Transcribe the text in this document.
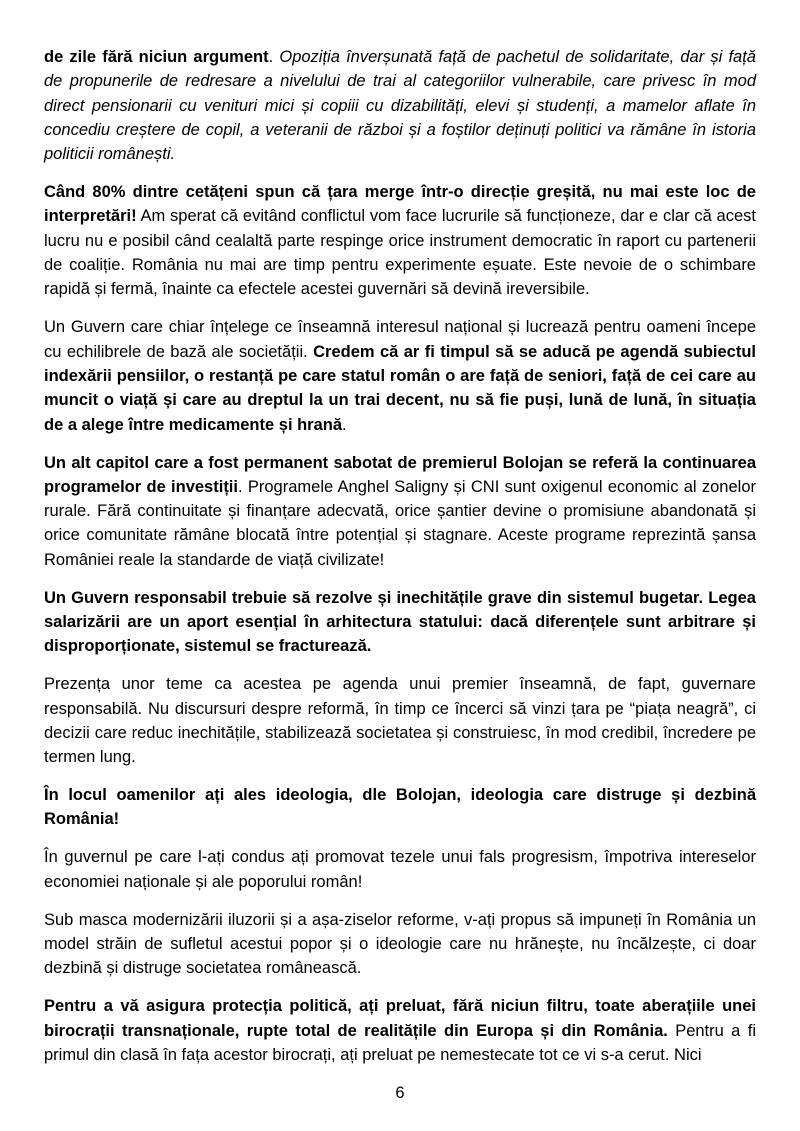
de zile fără niciun argument. Opoziția înverșunată față de pachetul de solidaritate, dar și față de propunerile de redresare a nivelului de trai al categoriilor vulnerabile, care privesc în mod direct pensionarii cu venituri mici și copiii cu dizabilități, elevi și studenți, a mamelor aflate în concediu creștere de copil, a veteranii de război și a foștilor deținuți politici va rămâne în istoria politicii românești.

Când 80% dintre cetățeni spun că țara merge într-o direcție greșită, nu mai este loc de interpretări! Am sperat că evitând conflictul vom face lucrurile să funcționeze, dar e clar că acest lucru nu e posibil când cealaltă parte respinge orice instrument democratic în raport cu partenerii de coaliție. România nu mai are timp pentru experimente eșuate. Este nevoie de o schimbare rapidă și fermă, înainte ca efectele acestei guvernări să devină ireversibile.

Un Guvern care chiar înțelege ce înseamnă interesul național și lucrează pentru oameni începe cu echilibrele de bază ale societății. Credem că ar fi timpul să se aducă pe agendă subiectul indexării pensiilor, o restanță pe care statul român o are față de seniori, față de cei care au muncit o viață și care au dreptul la un trai decent, nu să fie puși, lună de lună, în situația de a alege între medicamente și hrană.

Un alt capitol care a fost permanent sabotat de premierul Bolojan se referă la continuarea programelor de investiții. Programele Anghel Saligny și CNI sunt oxigenul economic al zonelor rurale. Fără continuitate și finanțare adecvată, orice șantier devine o promisiune abandonată și orice comunitate rămâne blocată între potențial și stagnare. Aceste programe reprezintă șansa României reale la standarde de viață civilizate!

Un Guvern responsabil trebuie să rezolve și inechitățile grave din sistemul bugetar. Legea salarizării are un aport esențial în arhitectura statului: dacă diferențele sunt arbitrare și disproporționate, sistemul se fracturează.

Prezența unor teme ca acestea pe agenda unui premier înseamnă, de fapt, guvernare responsabilă. Nu discursuri despre reformă, în timp ce încerci să vinzi țara pe “piața neagră”, ci decizii care reduc inechitățile, stabilizează societatea și construiesc, în mod credibil, încredere pe termen lung.

În locul oamenilor ați ales ideologia, dle Bolojan, ideologia care distruge și dezbină România!

În guvernul pe care l-ați condus ați promovat tezele unui fals progresism, împotriva intereselor economiei naționale și ale poporului român!

Sub masca modernizării iluzorii și a așa-ziselor reforme, v-ați propus să impuneți în România un model străin de sufletul acestui popor și o ideologie care nu hrănește, nu încălzește, ci doar dezbină și distruge societatea românească.

Pentru a vă asigura protecția politică, ați preluat, fără niciun filtru, toate aberațiile unei birocrații transnaționale, rupte total de realitățile din Europa și din România. Pentru a fi primul din clasă în fața acestor birocrați, ați preluat pe nemestecate tot ce vi s-a cerut. Nici

6
